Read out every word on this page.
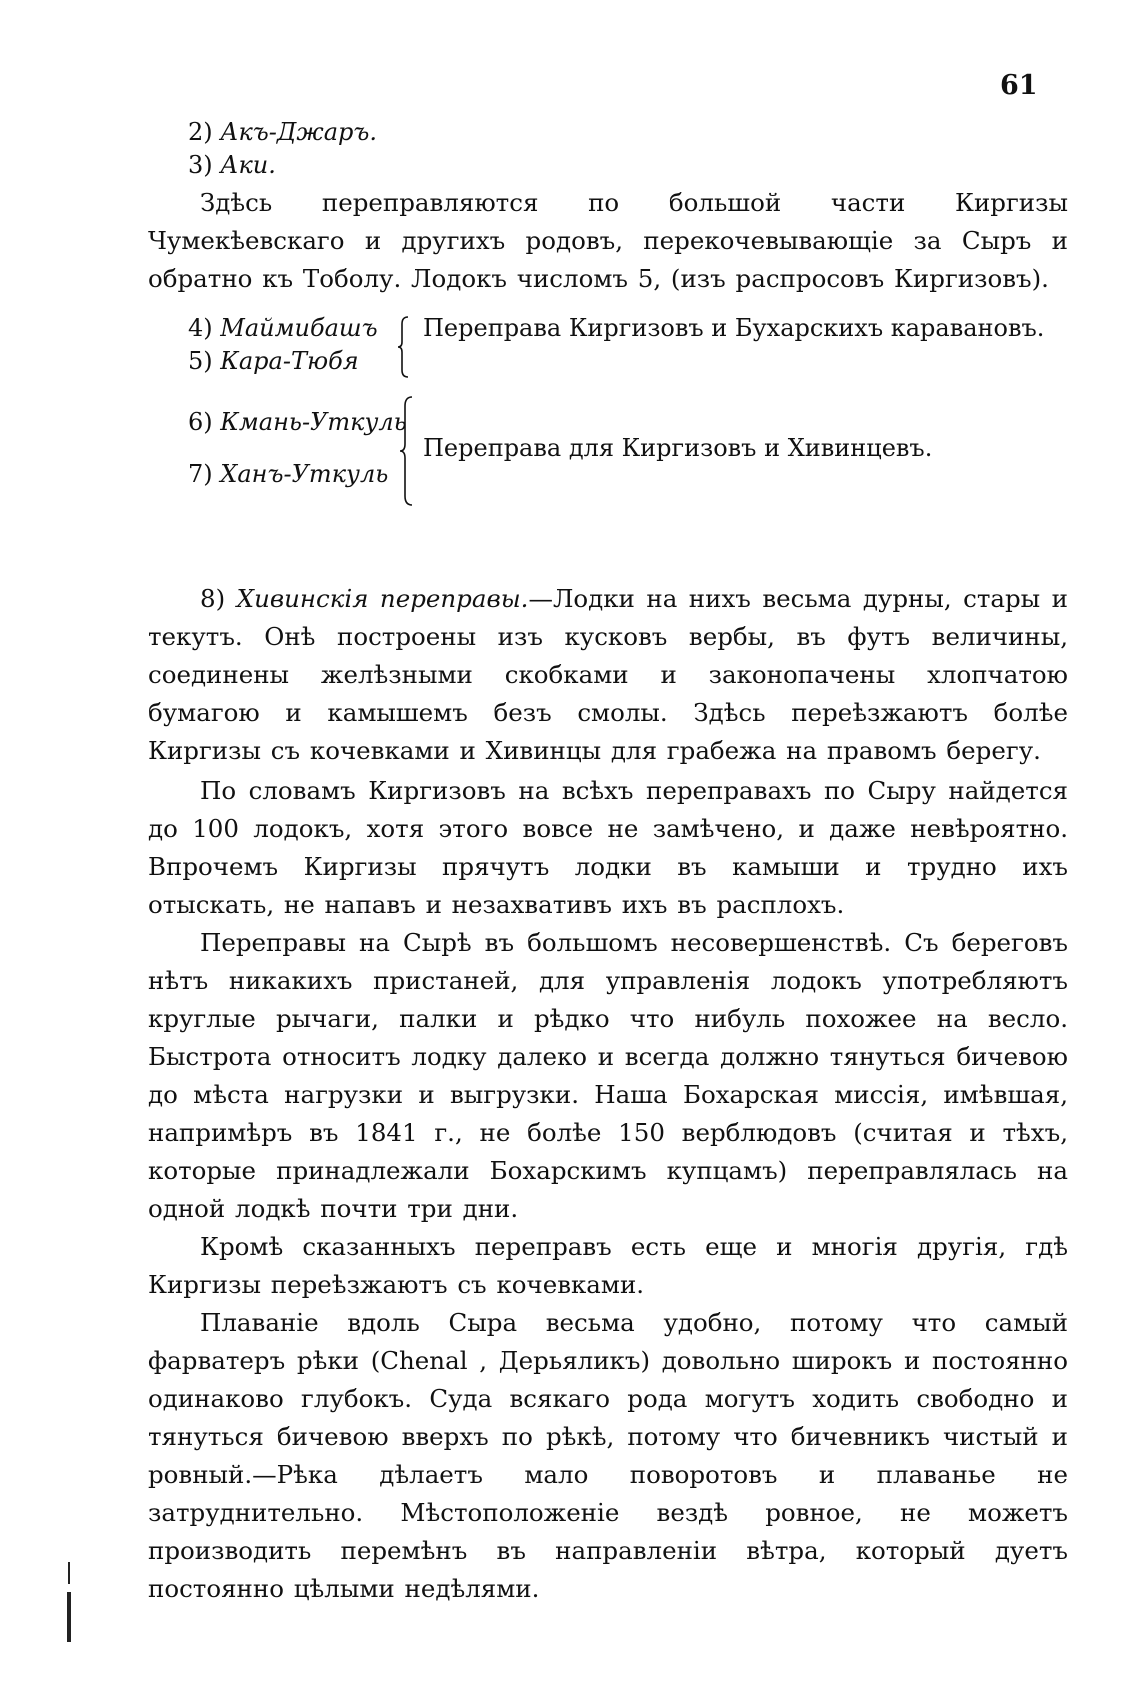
61
2) Акъ-Джаръ.
3) Аки.

Здѣсь переправляются по большой части Киргизы Чумекѣевскаго и другихъ родовъ, перекочевывающіе за Сыръ и обратно къ Тоболу. Лодокъ числомъ 5, (изъ распросовъ Киргизовъ).

4) Маймибашъ
5) Кара-Тюбя
Переправа Киргизовъ и Бухарскихъ каравановъ.
6) Кмань-Уткуль
7) Ханъ-Уткуль
Переправа для Киргизовъ и Хивинцевъ.

8) Хивинскія переправы.—Лодки на нихъ весьма дурны, стары и текутъ. Онѣ построены изъ кусковъ вербы, въ футъ величины, соединены желѣзными скобками и законопачены хлопчатою бумагою и камышемъ безъ смолы. Здѣсь переѣзжаютъ болѣе Киргизы съ кочевками и Хивинцы для грабежа на правомъ берегу.

По словамъ Киргизовъ на всѣхъ переправахъ по Сыру найдется до 100 лодокъ, хотя этого вовсе не замѣчено, и даже невѣроятно. Впрочемъ Киргизы прячутъ лодки въ камыши и трудно ихъ отыскать, не напавъ и незахвативъ ихъ въ расплохъ.

Переправы на Сырѣ въ большомъ несовершенствѣ. Съ береговъ нѣтъ никакихъ пристаней, для управленія лодокъ употребляютъ круглые рычаги, палки и рѣдко что нибуль похожее на весло. Быстрота относитъ лодку далеко и всегда должно тянуться бичевою до мѣста нагрузки и выгрузки. Наша Бохарская миссія, имѣвшая, напримѣръ въ 1841 г., не болѣе 150 верблюдовъ (считая и тѣхъ, которые принадлежали Бохарскимъ купцамъ) переправлялась на одной лодкѣ почти три дни.

Кромѣ сказанныхъ переправъ есть еще и многія другія, гдѣ Киргизы переѣзжаютъ съ кочевками.

Плаваніе вдоль Сыра весьма удобно, потому что самый фарватеръ рѣки (Chenal , Дерьяликъ) довольно широкъ и постоянно одинаково глубокъ. Суда всякаго рода могутъ ходить свободно и тянуться бичевою вверхъ по рѣкѣ, потому что бичевникъ чистый и ровный.—Рѣка дѣлаетъ мало поворотовъ и плаванье не затруднительно. Мѣстоположеніе вездѣ ровное, не можетъ производить перемѣнъ въ направленіи вѣтра, который дуетъ постоянно цѣлыми недѣлями.
